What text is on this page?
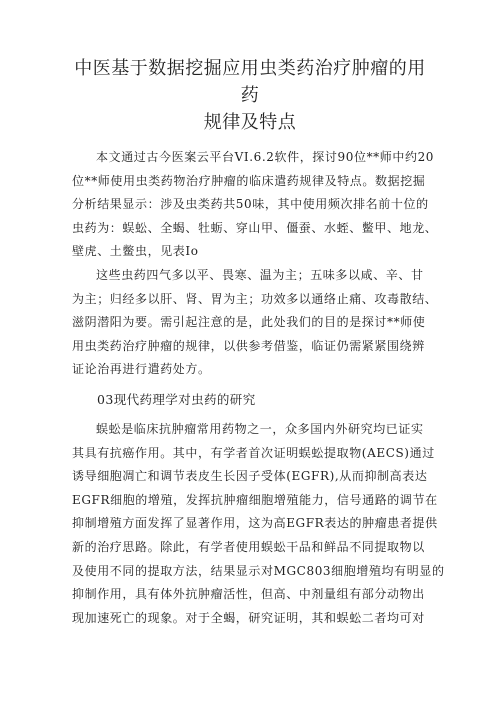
中医基于数据挖掘应用虫类药治疗肿瘤的用药
规律及特点

本文通过古今医案云平台VI.6.2软件，探讨90位**师中约20
位**师使用虫类药物治疗肿瘤的临床遣药规律及特点。数据挖掘
分析结果显示：涉及虫类药共50味，其中使用频次排名前十位的
虫药为：蜈蚣、全蝎、牡蛎、穿山甲、僵蚕、水蛭、鳖甲、地龙、
壁虎、土鳖虫，见表Io

这些虫药四气多以平、畏寒、温为主；五味多以咸、辛、甘
为主；归经多以肝、肾、胃为主；功效多以通络止痛、攻毒散结、
滋阴潜阳为要。需引起注意的是，此处我们的目的是探讨**师使
用虫类药治疗肿瘤的规律，以供参考借鉴，临证仍需紧紧围绕辨
证论治再进行遣药处方。

03现代药理学对虫药的研究

蜈蚣是临床抗肿瘤常用药物之一，众多国内外研究均已证实
其具有抗癌作用。其中，有学者首次证明蜈蚣提取物(AECS)通过
诱导细胞凋亡和调节表皮生长因子受体(EGFR),从而抑制高表达
EGFR细胞的增殖，发挥抗肿瘤细胞增殖能力，信号通路的调节在
抑制增殖方面发挥了显著作用，这为高EGFR表达的肿瘤患者提供
新的治疗思路。除此，有学者使用蜈蚣干品和鲜品不同提取物以
及使用不同的提取方法，结果显示对MGC803细胞增殖均有明显的
抑制作用，具有体外抗肿瘤活性，但高、中剂量组有部分动物出
现加速死亡的现象。对于全蝎，研究证明，其和蜈蚣二者均可对
